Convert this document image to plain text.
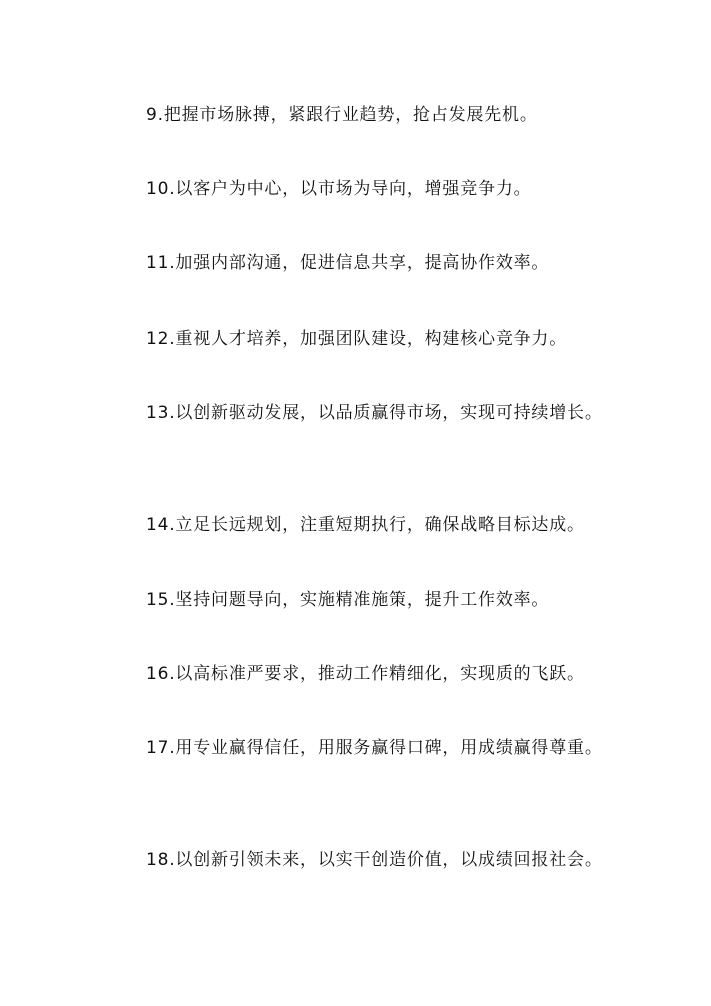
9.把握市场脉搏，紧跟行业趋势，抢占发展先机。

10.以客户为中心，以市场为导向，增强竞争力。

11.加强内部沟通，促进信息共享，提高协作效率。

12.重视人才培养，加强团队建设，构建核心竞争力。

13.以创新驱动发展，以品质赢得市场，实现可持续增长。

14.立足长远规划，注重短期执行，确保战略目标达成。

15.坚持问题导向，实施精准施策，提升工作效率。

16.以高标准严要求，推动工作精细化，实现质的飞跃。

17.用专业赢得信任，用服务赢得口碑，用成绩赢得尊重。

18.以创新引领未来，以实干创造价值，以成绩回报社会。
